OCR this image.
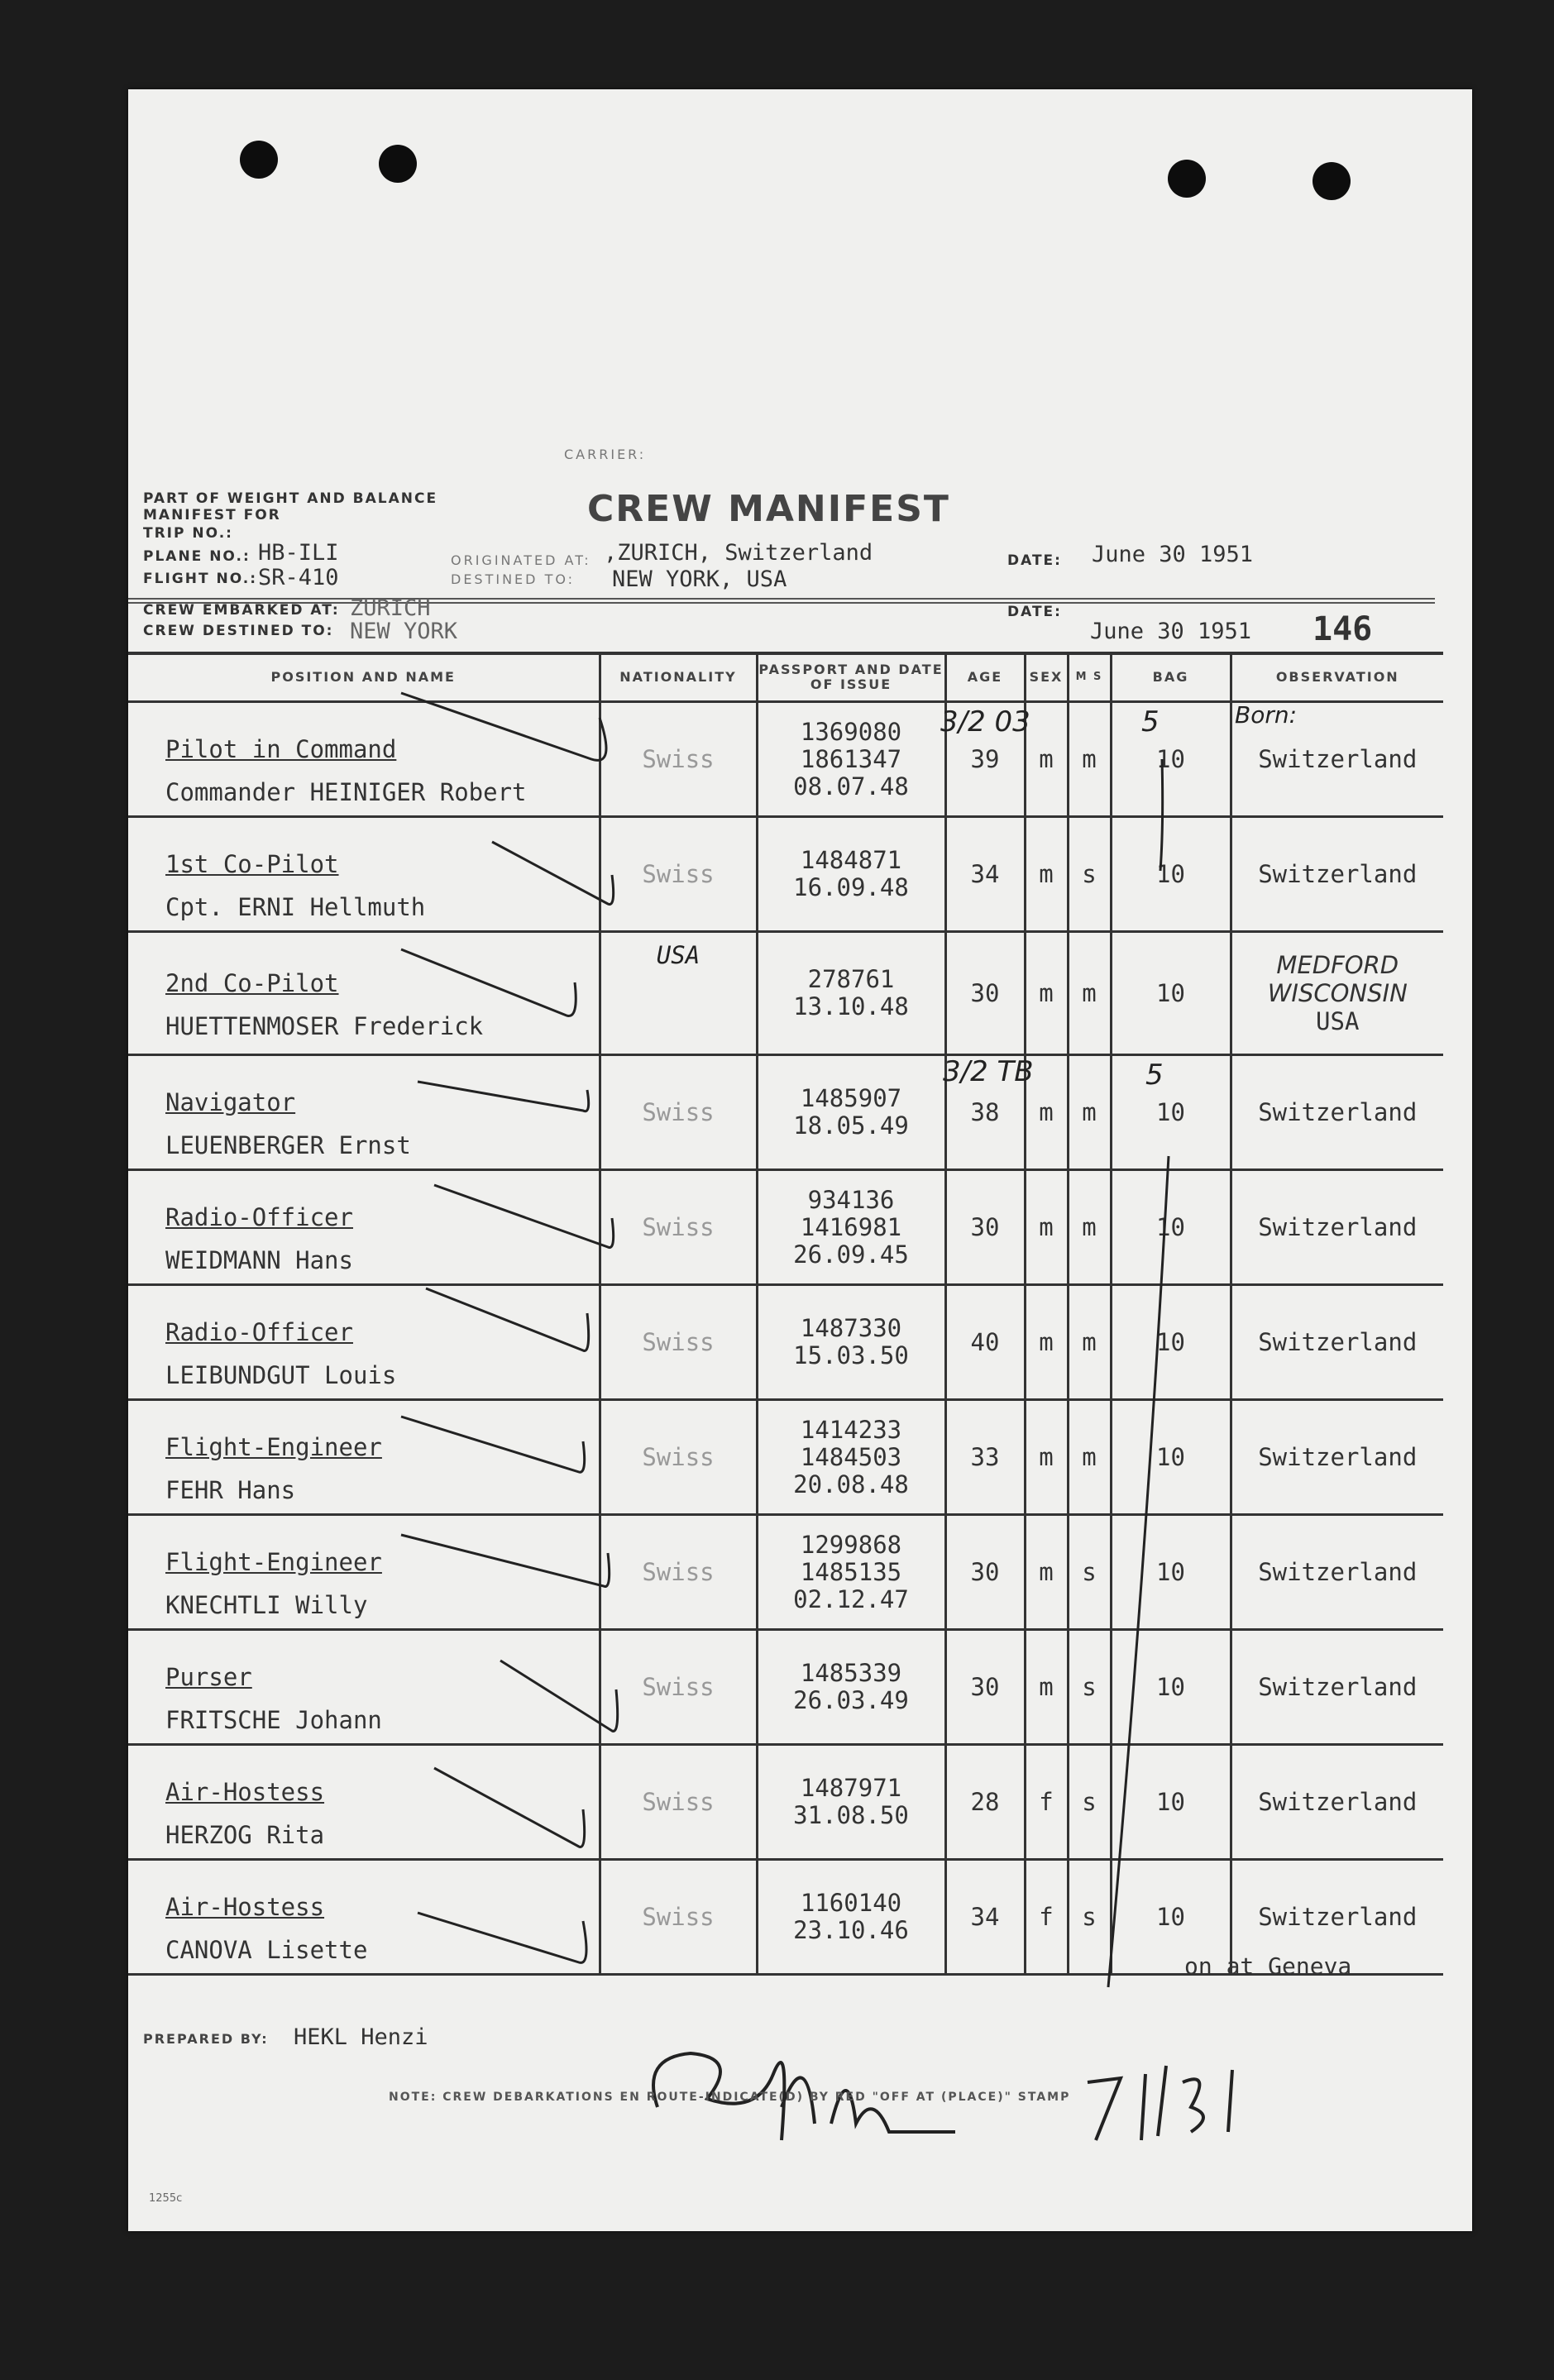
CARRIER:
CREW MANIFEST
PART OF WEIGHT AND BALANCE
MANIFEST FOR
TRIP NO.:
PLANE NO.: HB-ILI
FLIGHT NO.: SR-410
ORIGINATED AT: ,ZURICH, Switzerland
DESTINED TO: NEW YORK, USA
DATE: June 30 1951
CREW EMBARKED AT: ZURICH
CREW DESTINED TO: NEW YORK
DATE:
June 30 1951 146
POSITION AND NAME	NATIONALITY	PASSPORT AND DATE OF ISSUE	AGE	SEX	M S	BAG	OBSERVATION

Pilot in Command
Commander HEINIGER Robert	Swiss	1369080
1861347
08.07.48	39	m	m	10	Switzerland

1st Co-Pilot
Cpt. ERNI Hellmuth	Swiss	1484871
16.09.48	34	m	s	10	Switzerland

2nd Co-Pilot
HUETTENMOSER Frederick	USA	278761
13.10.48	30	m	m	10	MEDFORD
WISCONSIN
USA

Navigator
LEUENBERGER Ernst	Swiss	1485907
18.05.49	38	m	m	10	Switzerland

Radio-Officer
WEIDMANN Hans	Swiss	934136
1416981
26.09.45	30	m	m	10	Switzerland

Radio-Officer
LEIBUNDGUT Louis	Swiss	1487330
15.03.50	40	m	m	10	Switzerland

Flight-Engineer
FEHR Hans	Swiss	1414233
1484503
20.08.48	33	m	m	10	Switzerland

Flight-Engineer
KNECHTLI Willy	Swiss	1299868
1485135
02.12.47	30	m	s	10	Switzerland

Purser
FRITSCHE Johann	Swiss	1485339
26.03.49	30	m	s	10	Switzerland

Air-Hostess
HERZOG Rita	Swiss	1487971
31.08.50	28	f	s	10	Switzerland

Air-Hostess
CANOVA Lisette	Swiss	1160140
23.10.46	34	f	s	10	Switzerland
Born:
3/2 03	5
3/2 TB	5
on at Geneva
PREPARED BY: HEKL Henzi
NOTE: CREW DEBARKATIONS EN ROUTE-INDICATE(D) BY RED "OFF AT (PLACE)" STAMP
1255c
